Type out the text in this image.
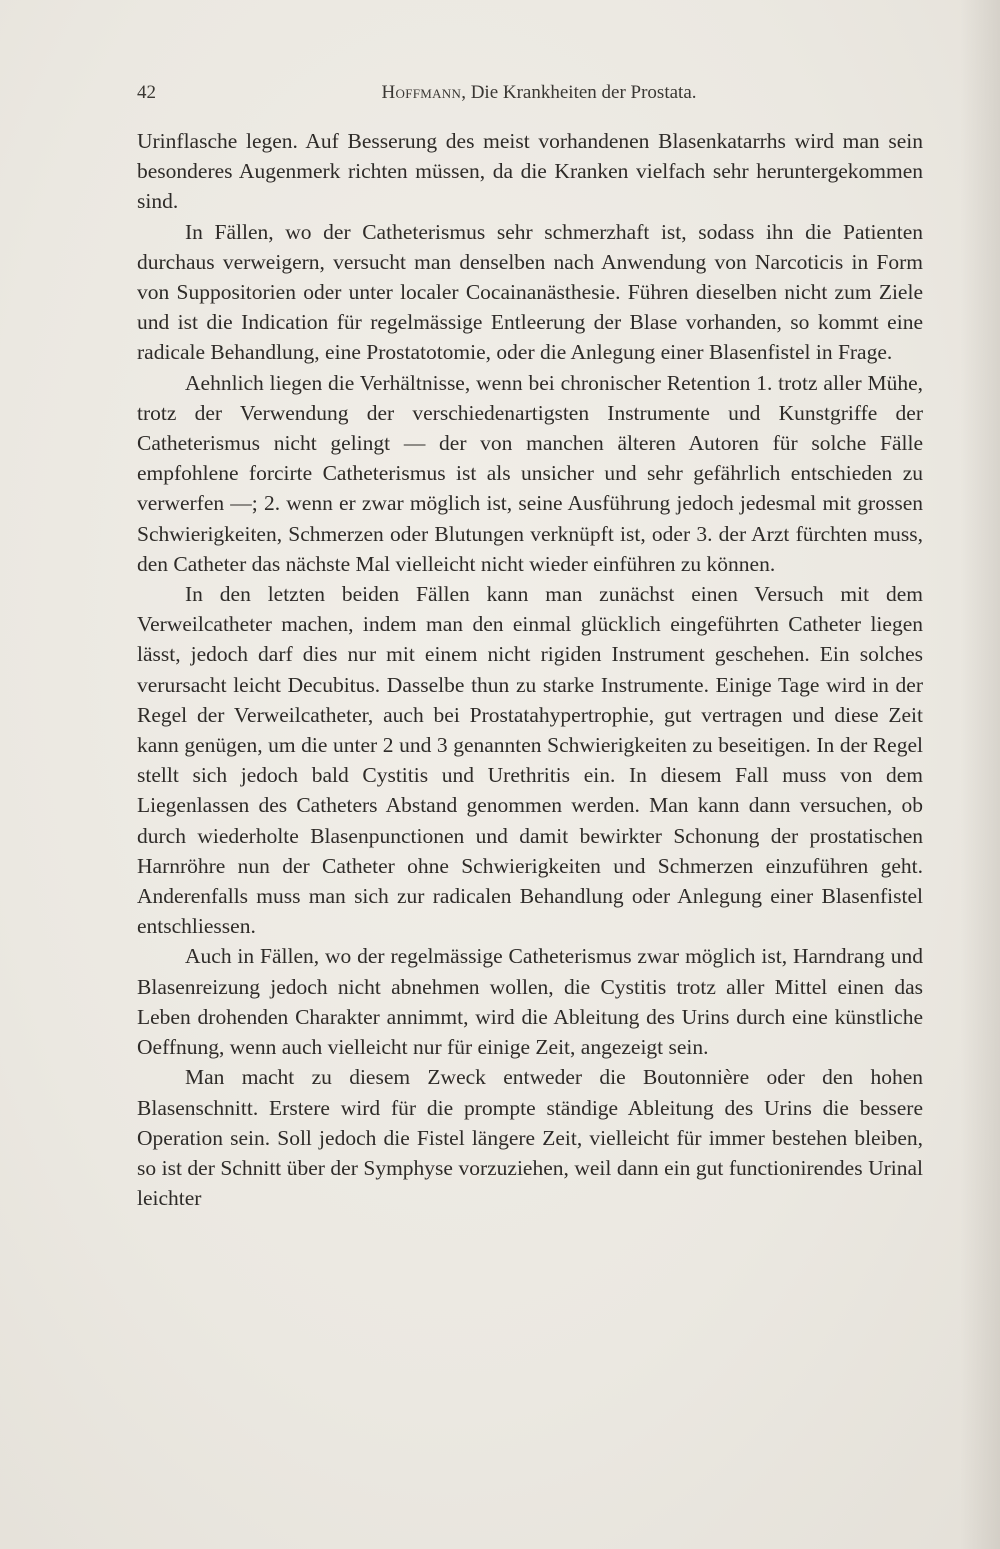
42	Hoffmann, Die Krankheiten der Prostata.

Urinflasche legen. Auf Besserung des meist vorhandenen Blasenkatarrhs wird man sein besonderes Augenmerk richten müssen, da die Kranken vielfach sehr heruntergekommen sind.

In Fällen, wo der Catheterismus sehr schmerzhaft ist, sodass ihn die Patienten durchaus verweigern, versucht man denselben nach Anwendung von Narcoticis in Form von Suppositorien oder unter localer Cocainanästhesie. Führen dieselben nicht zum Ziele und ist die Indication für regelmässige Entleerung der Blase vorhanden, so kommt eine radicale Behandlung, eine Prostatotomie, oder die Anlegung einer Blasenfistel in Frage.

Aehnlich liegen die Verhältnisse, wenn bei chronischer Retention 1. trotz aller Mühe, trotz der Verwendung der verschiedenartigsten Instrumente und Kunstgriffe der Catheterismus nicht gelingt — der von manchen älteren Autoren für solche Fälle empfohlene forcirte Catheterismus ist als unsicher und sehr gefährlich entschieden zu verwerfen —; 2. wenn er zwar möglich ist, seine Ausführung jedoch jedesmal mit grossen Schwierigkeiten, Schmerzen oder Blutungen verknüpft ist, oder 3. der Arzt fürchten muss, den Catheter das nächste Mal vielleicht nicht wieder einführen zu können.

In den letzten beiden Fällen kann man zunächst einen Versuch mit dem Verweilcatheter machen, indem man den einmal glücklich eingeführten Catheter liegen lässt, jedoch darf dies nur mit einem nicht rigiden Instrument geschehen. Ein solches verursacht leicht Decubitus. Dasselbe thun zu starke Instrumente. Einige Tage wird in der Regel der Verweilcatheter, auch bei Prostatahypertrophie, gut vertragen und diese Zeit kann genügen, um die unter 2 und 3 genannten Schwierigkeiten zu beseitigen. In der Regel stellt sich jedoch bald Cystitis und Urethritis ein. In diesem Fall muss von dem Liegenlassen des Catheters Abstand genommen werden. Man kann dann versuchen, ob durch wiederholte Blasenpunctionen und damit bewirkter Schonung der prostatischen Harnröhre nun der Catheter ohne Schwierigkeiten und Schmerzen einzuführen geht. Anderenfalls muss man sich zur radicalen Behandlung oder Anlegung einer Blasenfistel entschliessen.

Auch in Fällen, wo der regelmässige Catheterismus zwar möglich ist, Harndrang und Blasenreizung jedoch nicht abnehmen wollen, die Cystitis trotz aller Mittel einen das Leben drohenden Charakter annimmt, wird die Ableitung des Urins durch eine künstliche Oeffnung, wenn auch vielleicht nur für einige Zeit, angezeigt sein.

Man macht zu diesem Zweck entweder die Boutonnière oder den hohen Blasenschnitt. Erstere wird für die prompte ständige Ableitung des Urins die bessere Operation sein. Soll jedoch die Fistel längere Zeit, vielleicht für immer bestehen bleiben, so ist der Schnitt über der Symphyse vorzuziehen, weil dann ein gut functionirendes Urinal leichter
